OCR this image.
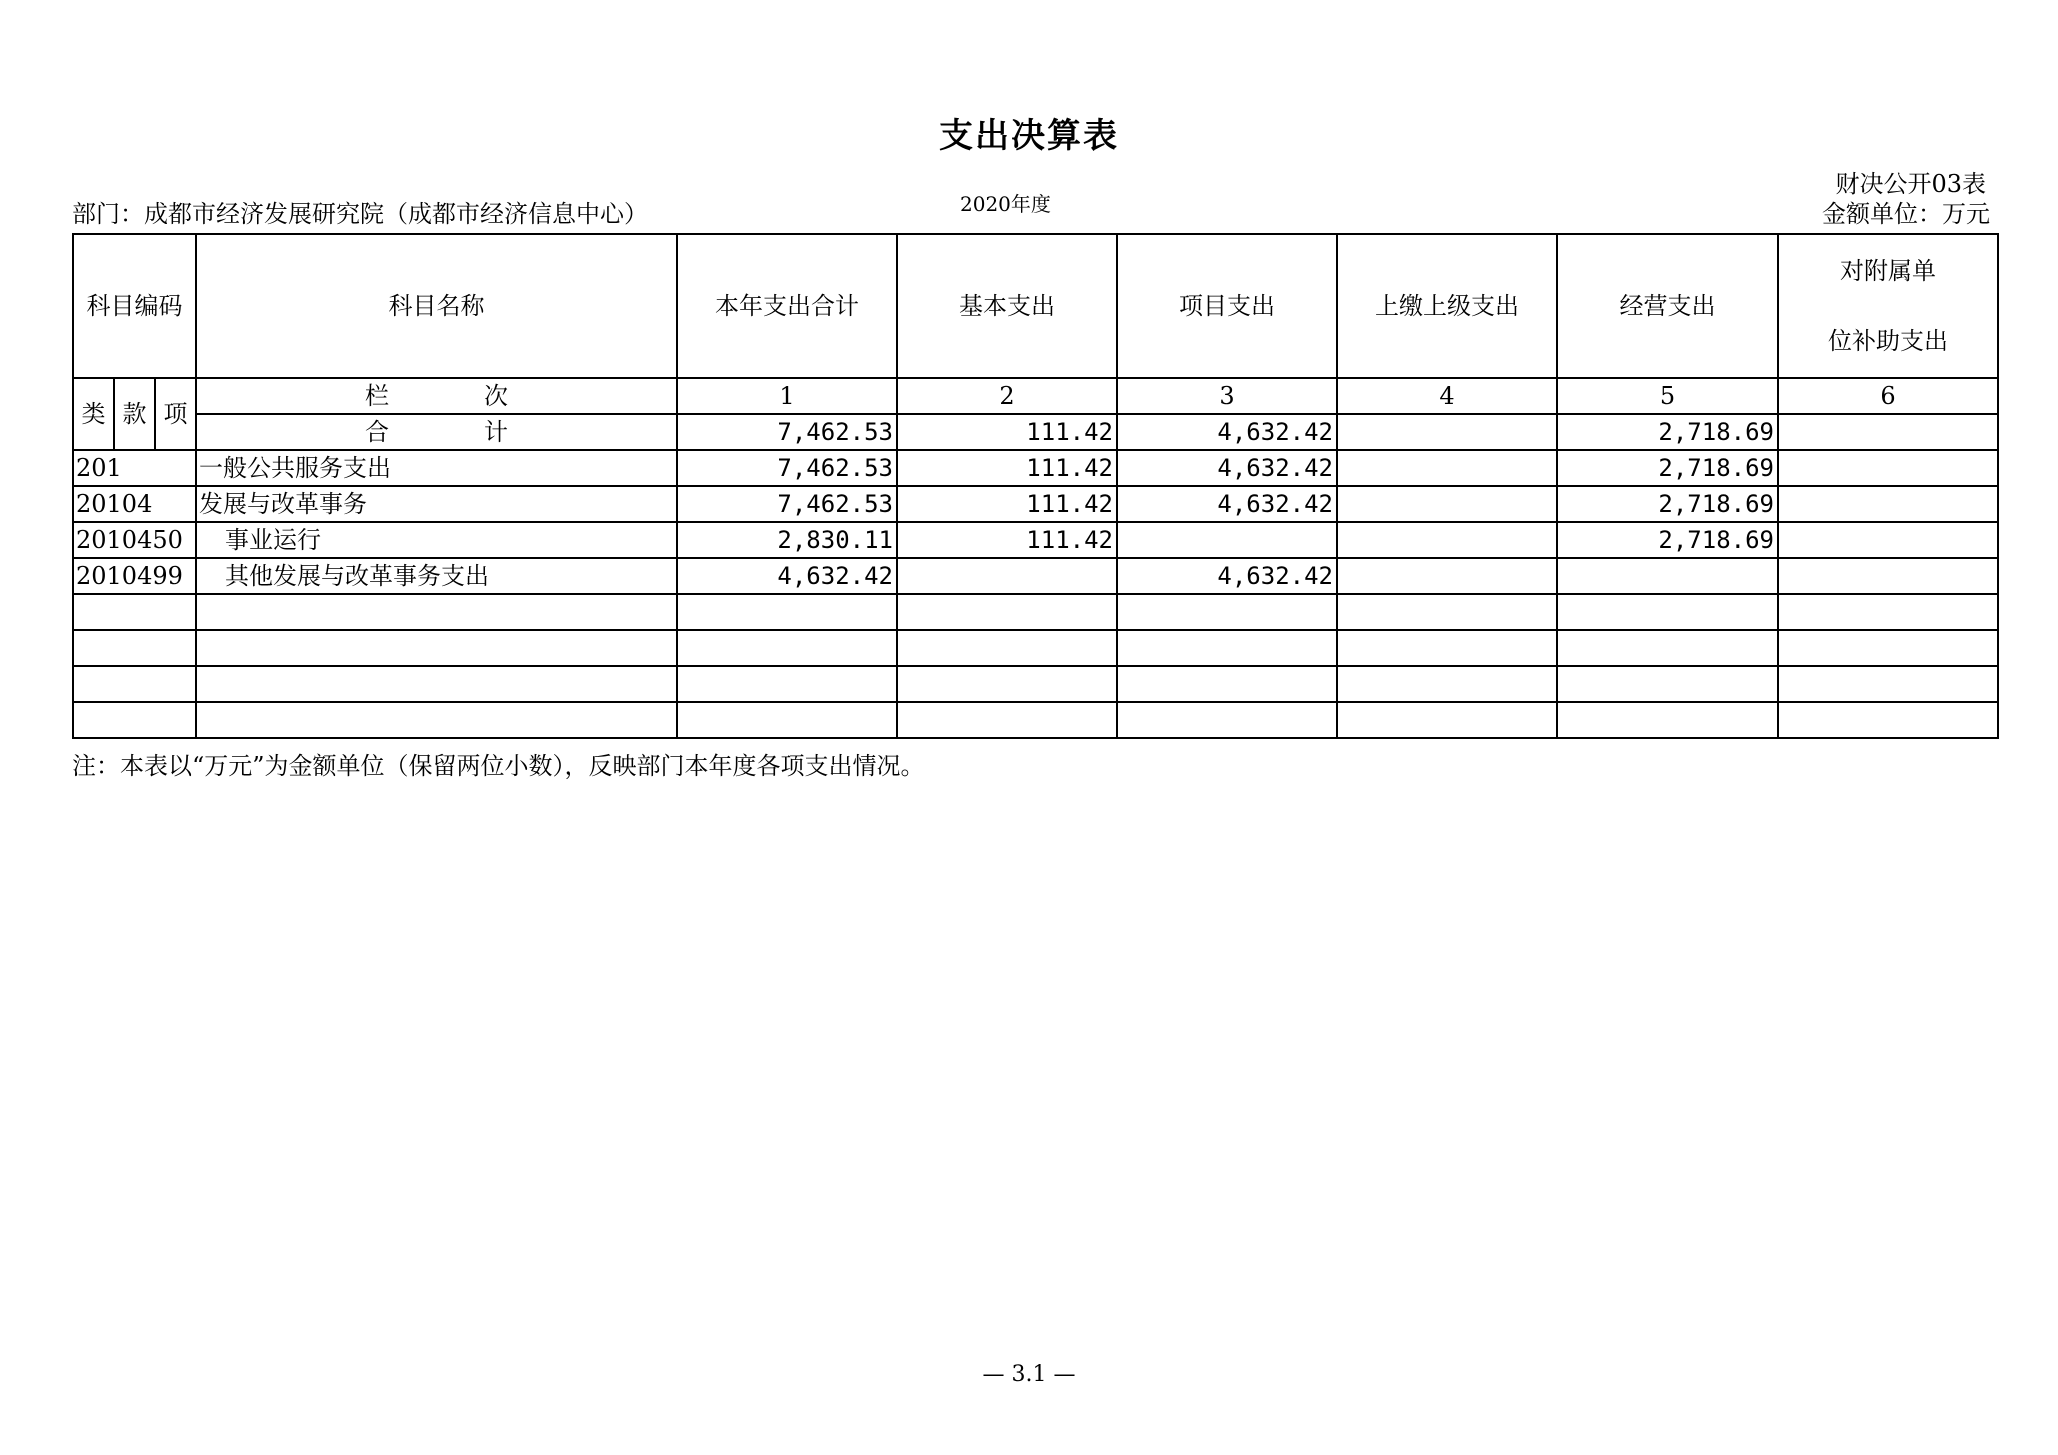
支出决算表
财决公开03表
金额单位：万元
部门：成都市经济发展研究院（成都市经济信息中心）	2020年度
科目编码			科目名称	本年支出合计	基本支出	项目支出	上缴上级支出	经营支出	对附属单
位补助支出

类	款	项	栏 次	1	2	3	4	5	6
			合 计	7,462.53	111.42	4,632.42		2,718.69	
201			一般公共服务支出	7,462.53	111.42	4,632.42		2,718.69	
20104			发展与改革事务	7,462.53	111.42	4,632.42		2,718.69	
2010450			事业运行	2,830.11	111.42			2,718.69	
2010499			其他发展与改革事务支出	4,632.42		4,632.42			

注：本表以“万元”为金额单位（保留两位小数），反映部门本年度各项支出情况。
— 3.1 —
